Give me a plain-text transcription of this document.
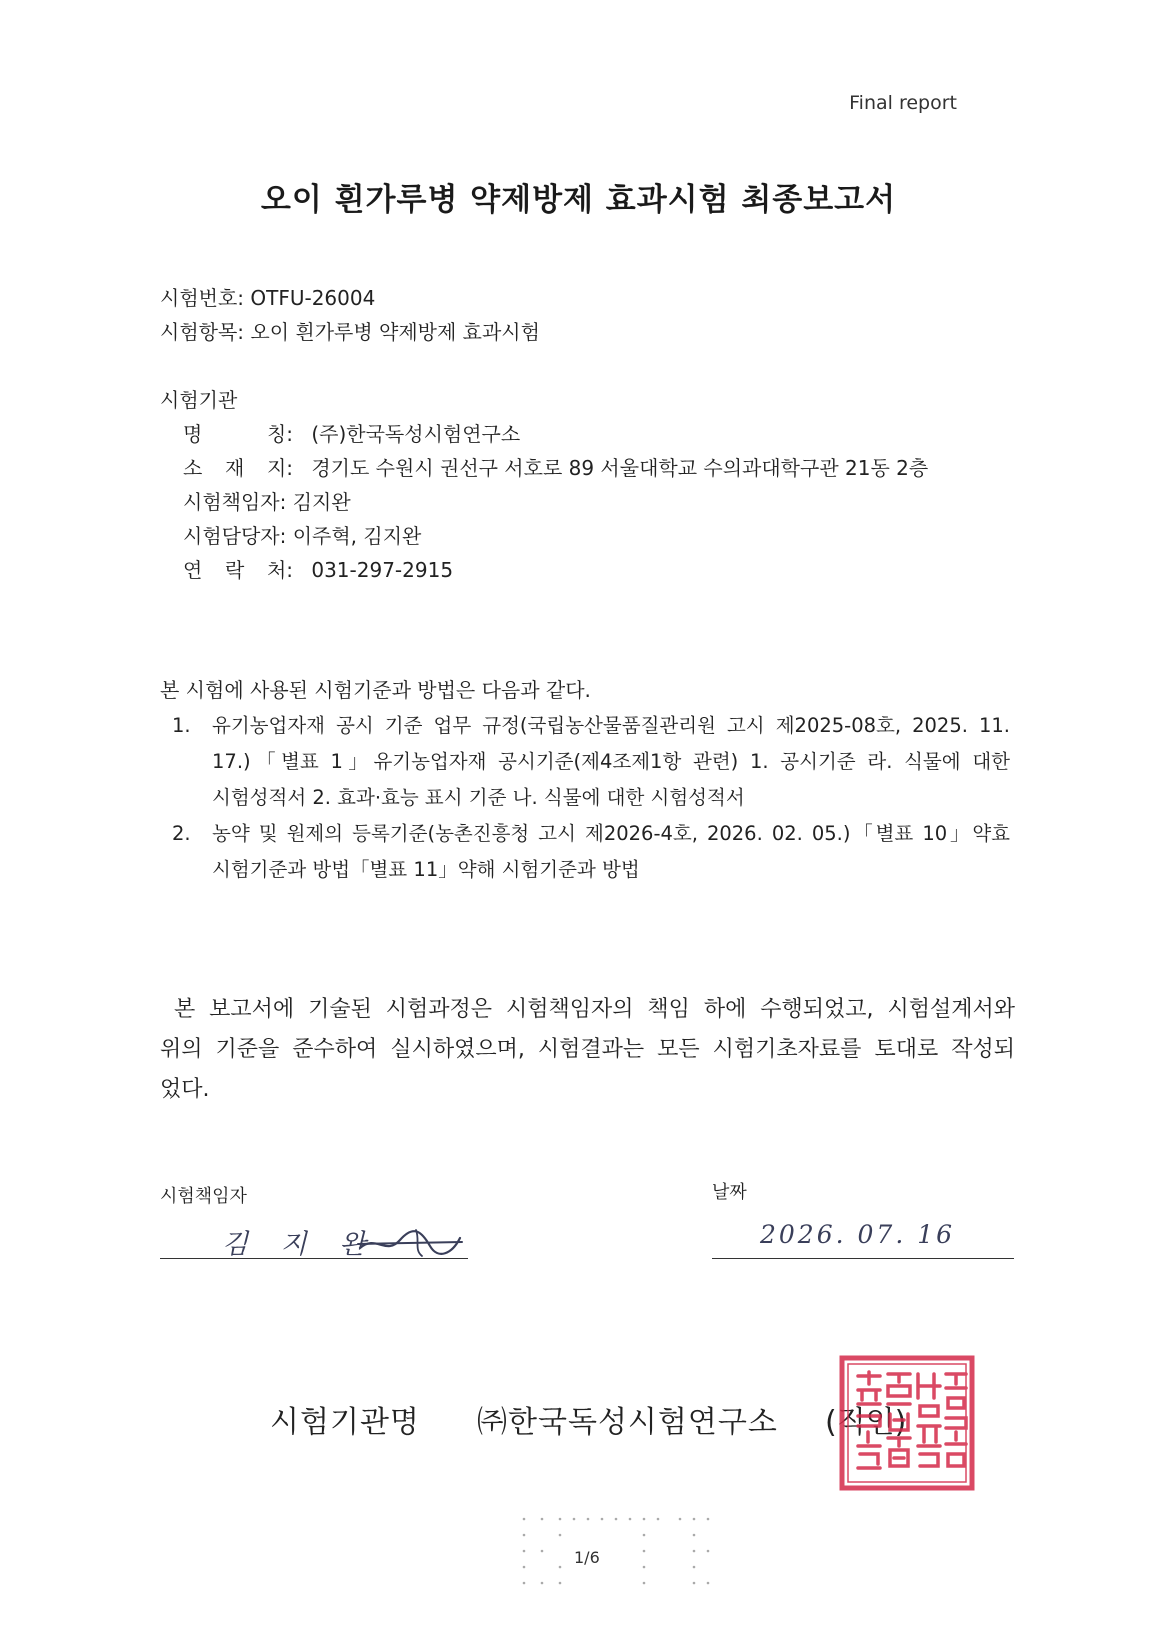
Final report
오이 흰가루병 약제방제 효과시험 최종보고서
시험번호: OTFU-26004
시험항목: 오이 흰가루병 약제방제 효과시험
시험기관
명	칭: (주)한국독성시험연구소
소 재 지: 경기도 수원시 권선구 서호로 89 서울대학교 수의과대학구관 21동 2층
시험책임자: 김지완
시험담당자: 이주혁, 김지완
연 락 처: 031-297-2915
본 시험에 사용된 시험기준과 방법은 다음과 같다.
1.	유기농업자재 공시 기준 업무 규정(국립농산물품질관리원 고시 제2025-08호, 2025. 11. 17.)「별표 1」유기농업자재 공시기준(제4조제1항 관련) 1. 공시기준 라. 식물에 대한 시험성적서 2. 효과·효능 표시 기준 나. 식물에 대한 시험성적서
2.	농약 및 원제의 등록기준(농촌진흥청 고시 제2026-4호, 2026. 02. 05.)「별표 10」약효 시험기준과 방법「별표 11」약해 시험기준과 방법
본 보고서에 기술된 시험과정은 시험책임자의 책임 하에 수행되었고, 시험설계서와 위의 기준을 준수하여 실시하였으며, 시험결과는 모든 시험기초자료를 토대로 작성되었다.
시험책임자
김 지 완
날짜
2026. 07. 16
시험기관명 ㈜한국독성시험연구소 (직인)
1/6
